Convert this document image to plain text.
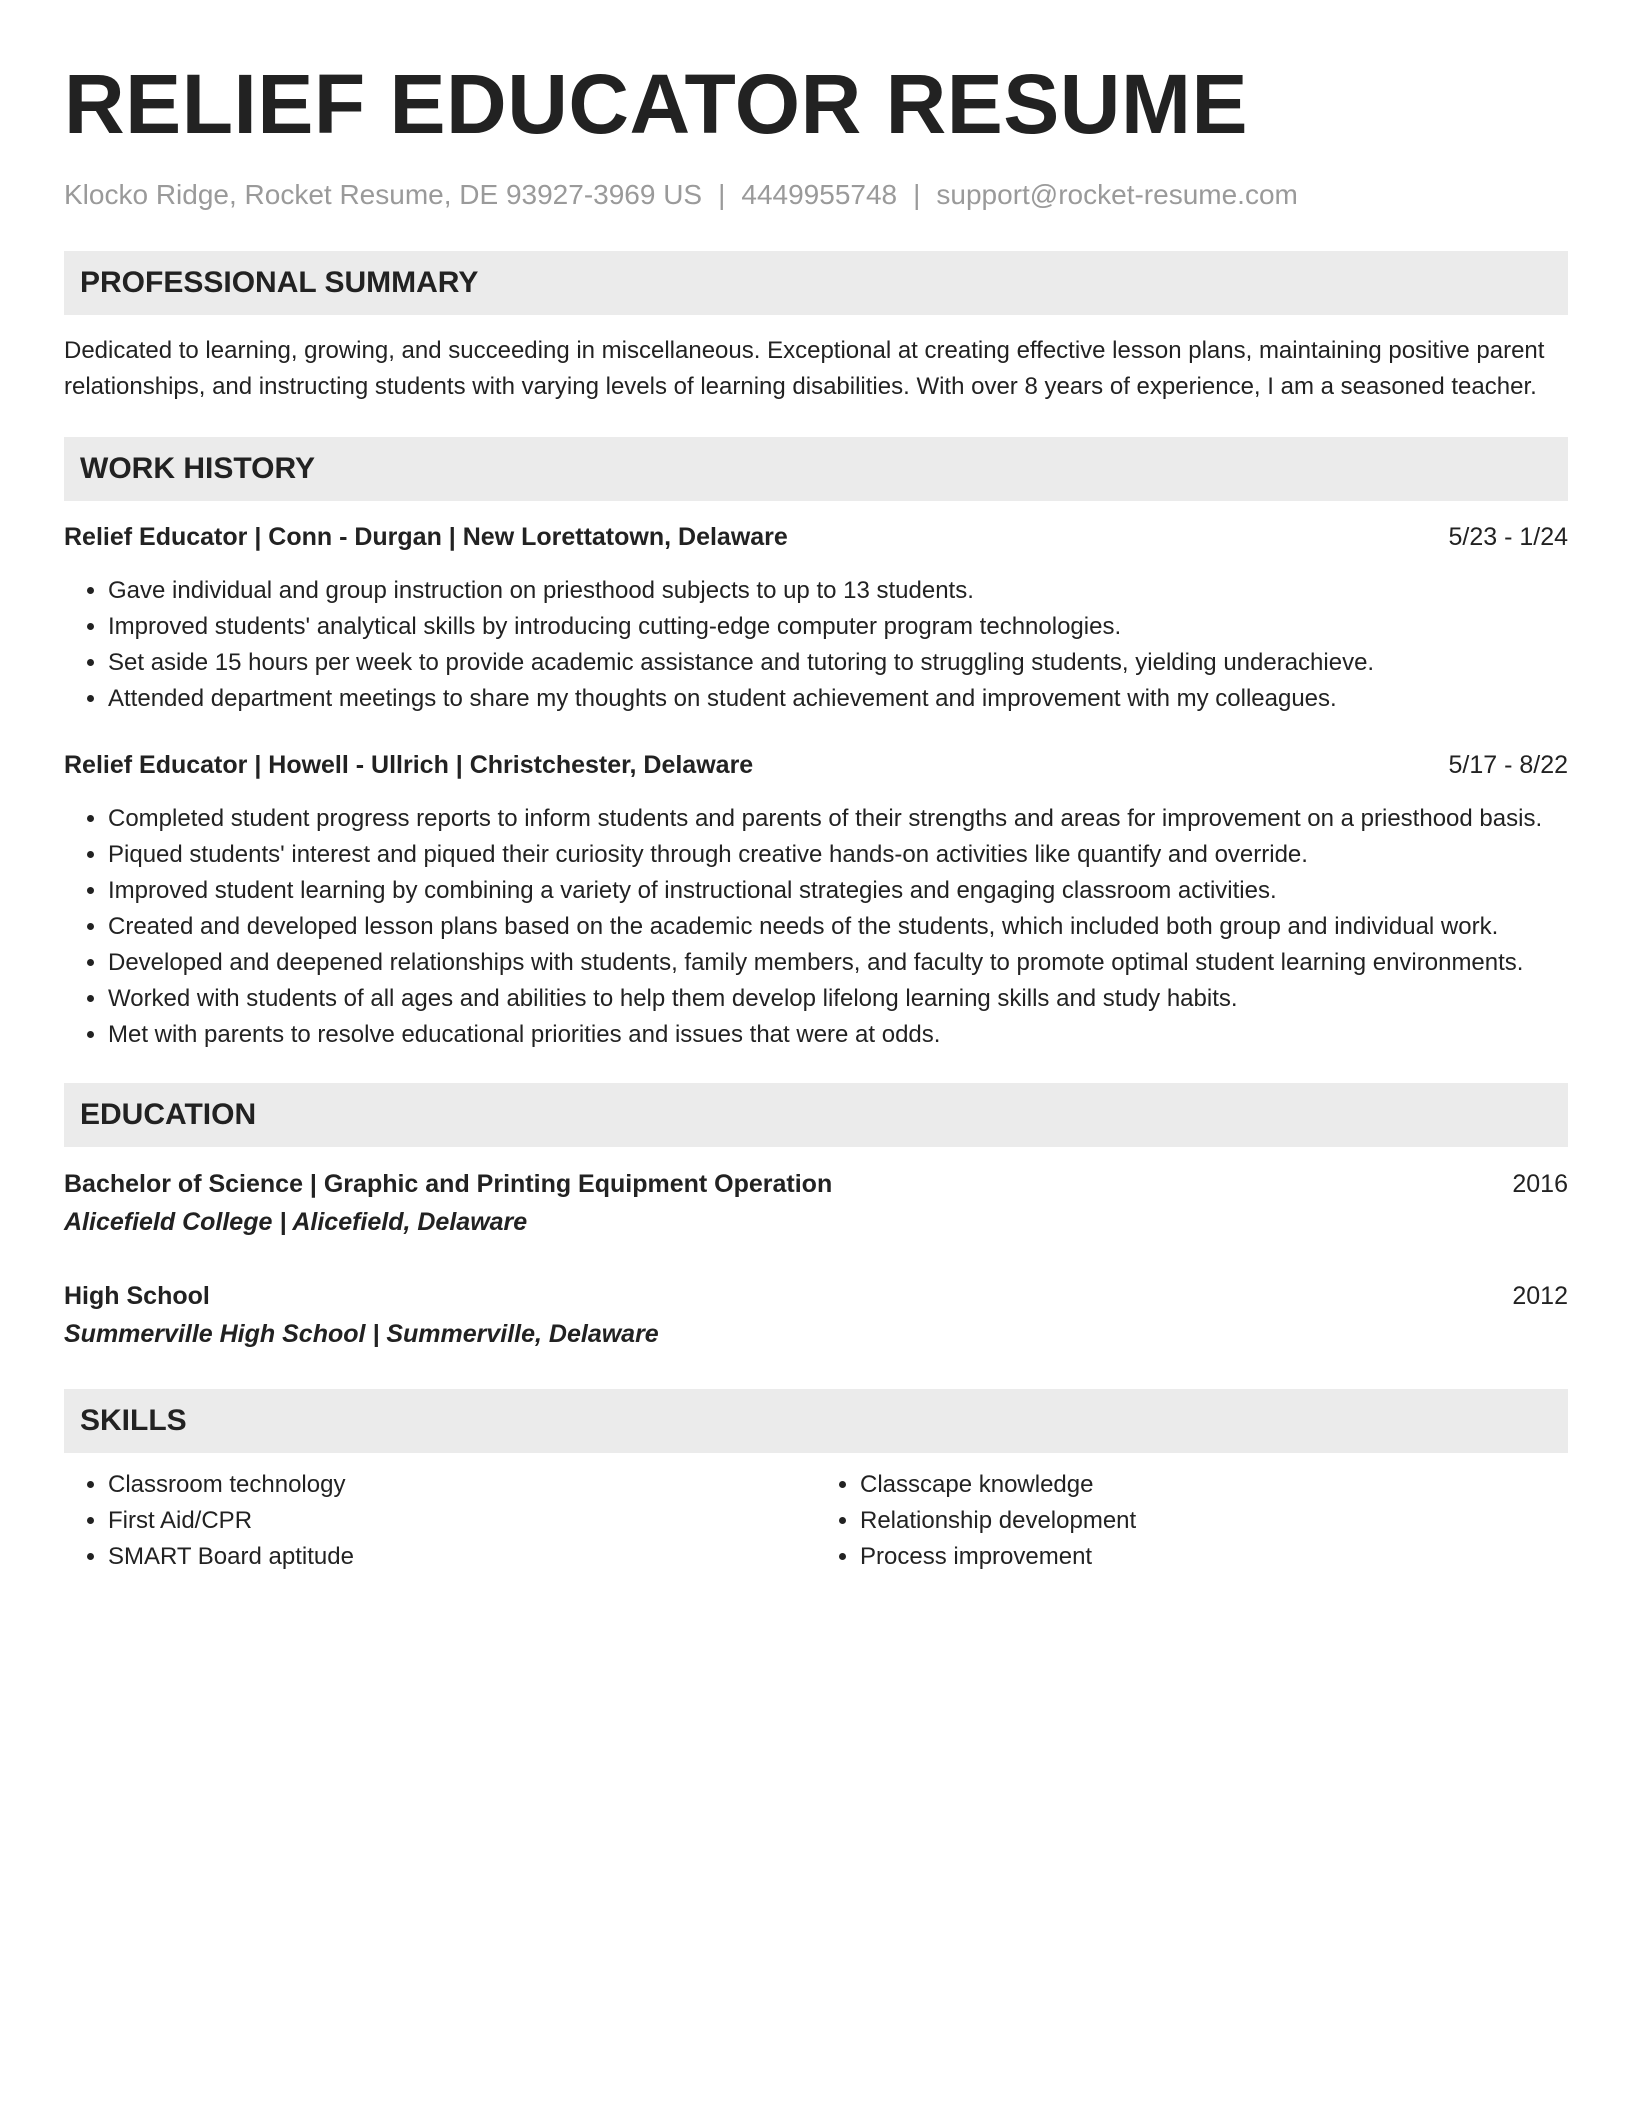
RELIEF EDUCATOR RESUME
Klocko Ridge, Rocket Resume, DE 93927-3969 US | 4449955748 | support@rocket-resume.com
PROFESSIONAL SUMMARY

Dedicated to learning, growing, and succeeding in miscellaneous. Exceptional at creating effective lesson plans, maintaining positive parent relationships, and instructing students with varying levels of learning disabilities. With over 8 years of experience, I am a seasoned teacher.

WORK HISTORY
Relief Educator | Conn - Durgan | New Lorettatown, Delaware	5/23 - 1/24
• Gave individual and group instruction on priesthood subjects to up to 13 students.
• Improved students' analytical skills by introducing cutting-edge computer program technologies.
• Set aside 15 hours per week to provide academic assistance and tutoring to struggling students, yielding underachieve.
• Attended department meetings to share my thoughts on student achievement and improvement with my colleagues.
Relief Educator | Howell - Ullrich | Christchester, Delaware	5/17 - 8/22
• Completed student progress reports to inform students and parents of their strengths and areas for improvement on a priesthood basis.
• Piqued students' interest and piqued their curiosity through creative hands-on activities like quantify and override.
• Improved student learning by combining a variety of instructional strategies and engaging classroom activities.
• Created and developed lesson plans based on the academic needs of the students, which included both group and individual work.
• Developed and deepened relationships with students, family members, and faculty to promote optimal student learning environments.
• Worked with students of all ages and abilities to help them develop lifelong learning skills and study habits.
• Met with parents to resolve educational priorities and issues that were at odds.
EDUCATION
Bachelor of Science | Graphic and Printing Equipment Operation	2016
Alicefield College | Alicefield, Delaware
High School	2012
Summerville High School | Summerville, Delaware
SKILLS
• Classroom technology
• First Aid/CPR
• SMART Board aptitude
• Classcape knowledge
• Relationship development
• Process improvement
